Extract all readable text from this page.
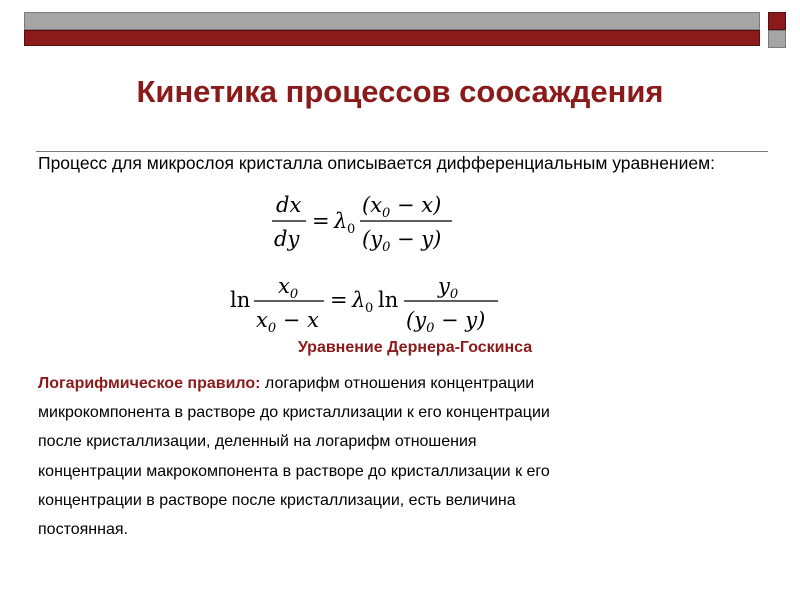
Кинетика процессов соосаждения
Процесс для микрослоя кристалла описывается дифференциальным уравнением:
dx
dy
= λ 0
$(x_0 - x)$
$(y_0 - y)$
ln
$x_0$
$x_0 - x$
= λ 0 ln
$y_0$
$(y_0 - y)$
Уравнение Дернера-Госкинса
Логарифмическое правило: логарифм отношения концентрации
микрокомпонента в растворе до кристаллизации к его концентрации
после кристаллизации, деленный на логарифм отношения
концентрации макрокомпонента в растворе до кристаллизации к его
концентрации в растворе после кристаллизации, есть величина
постоянная.
